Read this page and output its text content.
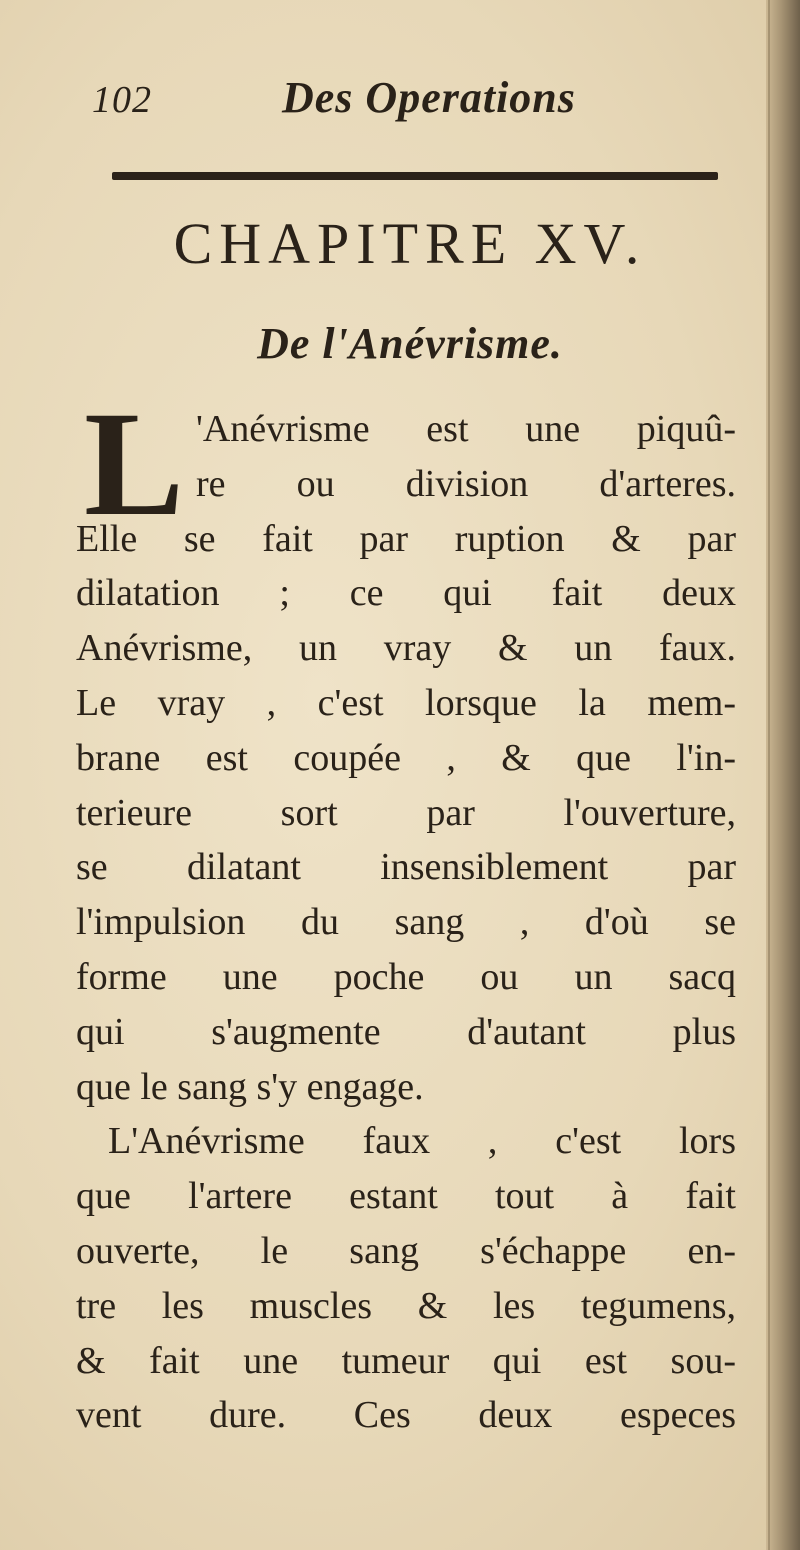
102	Des Operations
CHAPITRE XV.
De l'Anévrisme.
L 'Anévrisme est une piquû-
re ou division d'arteres.
Elle se fait par ruption & par
dilatation ; ce qui fait deux
Anévrisme, un vray & un faux.
Le vray , c'est lorsque la mem-
brane est coupée , & que l'in-
terieure sort par l'ouverture,
se dilatant insensiblement par
l'impulsion du sang , d'où se
forme une poche ou un sacq
qui s'augmente d'autant plus
que le sang s'y engage.
L'Anévrisme faux , c'est lors
que l'artere estant tout à fait
ouverte, le sang s'échappe en-
tre les muscles & les tegumens,
& fait une tumeur qui est sou-
vent dure. Ces deux especes
